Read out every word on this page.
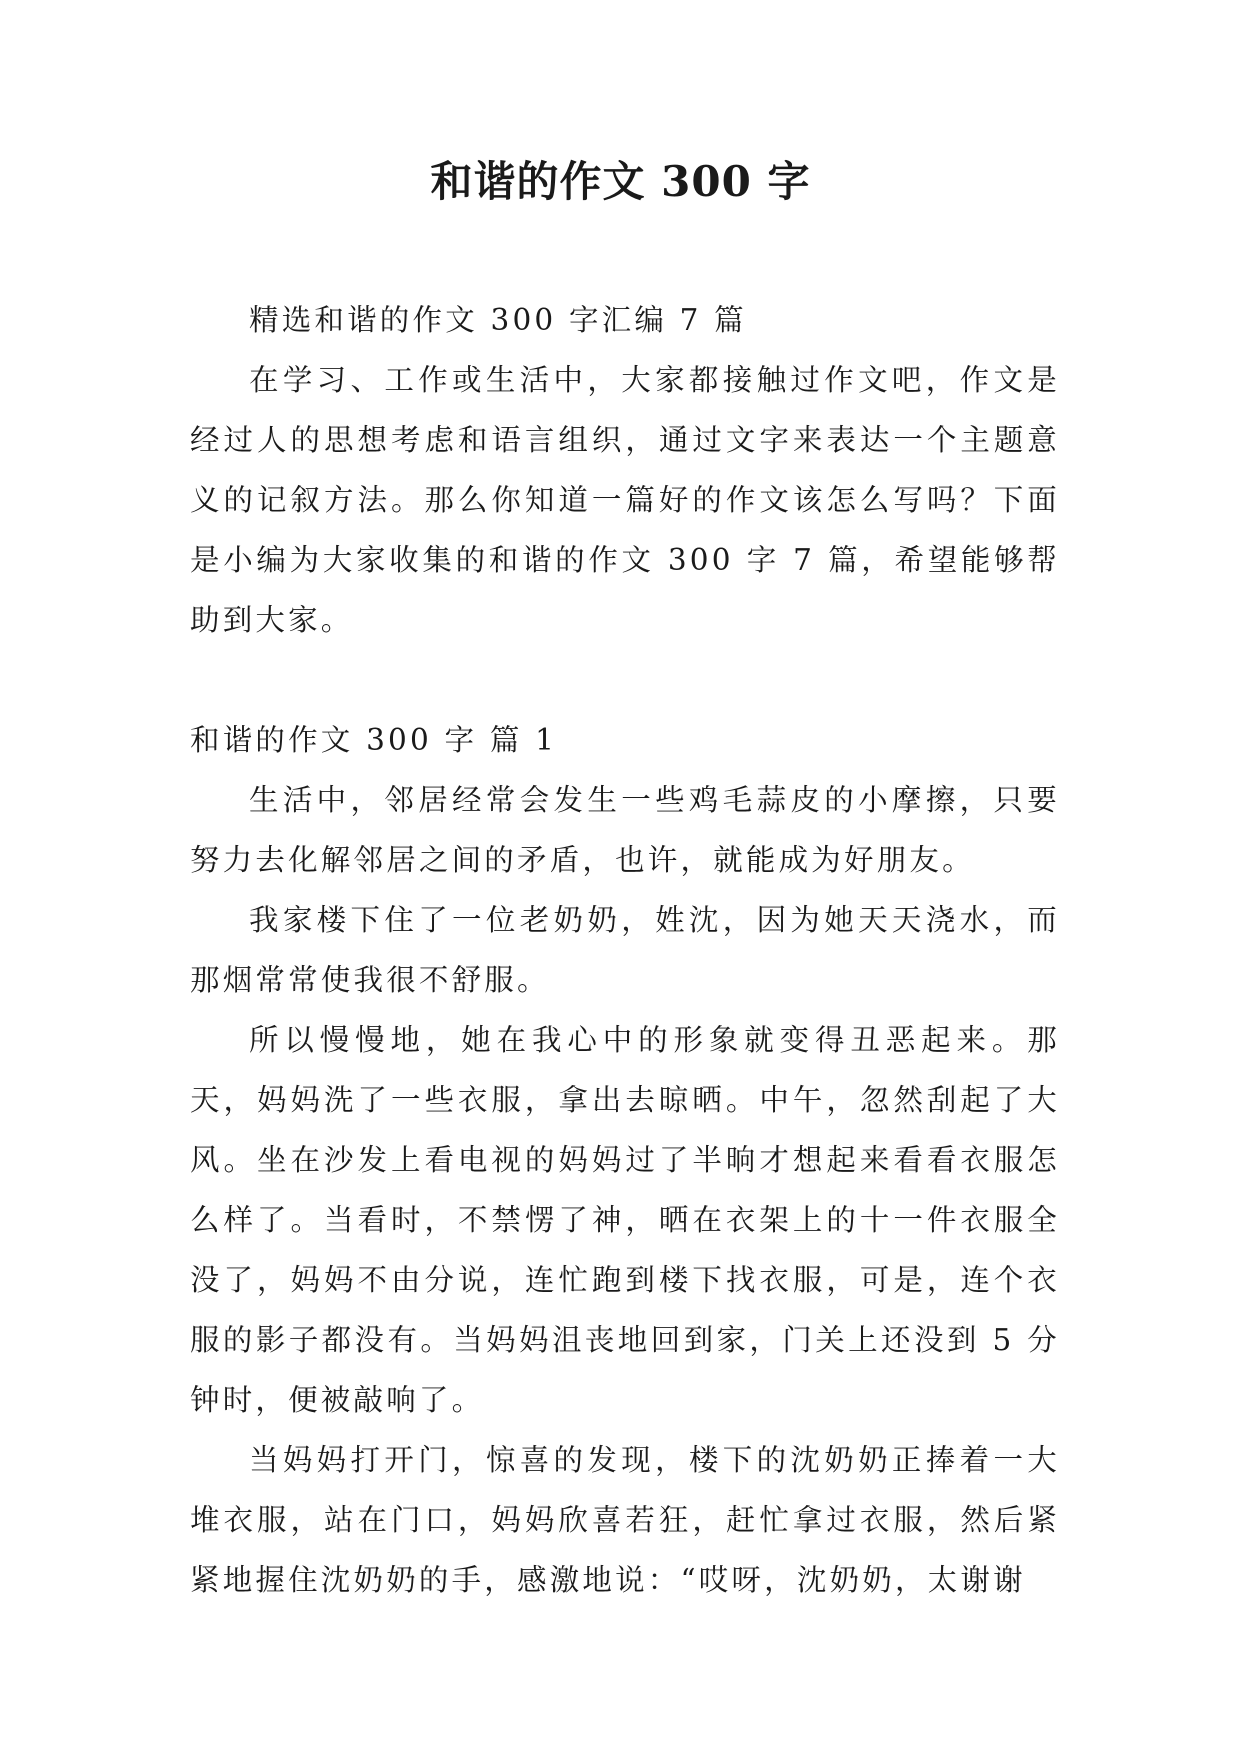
和谐的作文 300 字

精选和谐的作文 300 字汇编 7 篇

在学习、工作或生活中，大家都接触过作文吧，作文是经过人的思想考虑和语言组织，通过文字来表达一个主题意义的记叙方法。那么你知道一篇好的作文该怎么写吗？下面是小编为大家收集的和谐的作文 300 字 7 篇，希望能够帮助到大家。

和谐的作文 300 字 篇 1

生活中，邻居经常会发生一些鸡毛蒜皮的小摩擦，只要努力去化解邻居之间的矛盾，也许，就能成为好朋友。

我家楼下住了一位老奶奶，姓沈，因为她天天浇水，而那烟常常使我很不舒服。

所以慢慢地，她在我心中的形象就变得丑恶起来。那天，妈妈洗了一些衣服，拿出去晾晒。中午，忽然刮起了大风。坐在沙发上看电视的妈妈过了半晌才想起来看看衣服怎么样了。当看时，不禁愣了神，晒在衣架上的十一件衣服全没了，妈妈不由分说，连忙跑到楼下找衣服，可是，连个衣服的影子都没有。当妈妈沮丧地回到家，门关上还没到 5 分钟时，便被敲响了。

当妈妈打开门，惊喜的发现，楼下的沈奶奶正捧着一大堆衣服，站在门口，妈妈欣喜若狂，赶忙拿过衣服，然后紧紧地握住沈奶奶的手，感激地说：“哎呀，沈奶奶，太谢谢
